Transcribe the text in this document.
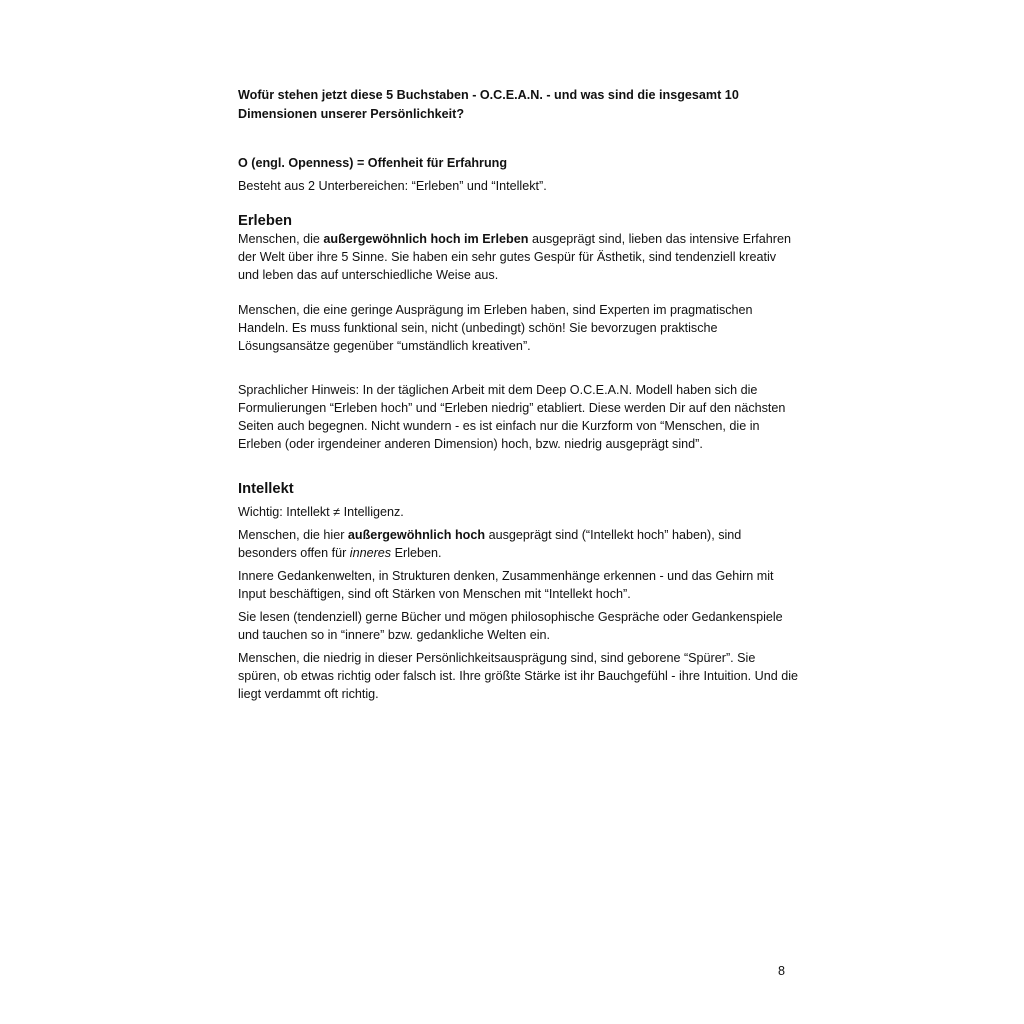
Wofür stehen jetzt diese 5 Buchstaben - O.C.E.A.N. - und was sind die insgesamt 10 Dimensionen unserer Persönlichkeit?
O (engl. Openness) = Offenheit für Erfahrung

Besteht aus 2 Unterbereichen: “Erleben” und “Intellekt”.

Erleben

Menschen, die außergewöhnlich hoch im Erleben ausgeprägt sind, lieben das intensive Erfahren der Welt über ihre 5 Sinne. Sie haben ein sehr gutes Gespür für Ästhetik, sind tendenziell kreativ und leben das auf unterschiedliche Weise aus.

Menschen, die eine geringe Ausprägung im Erleben haben, sind Experten im pragmatischen Handeln. Es muss funktional sein, nicht (unbedingt) schön! Sie bevorzugen praktische Lösungsansätze gegenüber “umständlich kreativen”.

Sprachlicher Hinweis: In der täglichen Arbeit mit dem Deep O.C.E.A.N. Modell haben sich die Formulierungen “Erleben hoch” und “Erleben niedrig” etabliert. Diese werden Dir auf den nächsten Seiten auch begegnen. Nicht wundern - es ist einfach nur die Kurzform von “Menschen, die in Erleben (oder irgendeiner anderen Dimension) hoch, bzw. niedrig ausgeprägt sind”.

Intellekt

Wichtig: Intellekt ≠ Intelligenz.

Menschen, die hier außergewöhnlich hoch ausgeprägt sind (“Intellekt hoch” haben), sind besonders offen für inneres Erleben.

Innere Gedankenwelten, in Strukturen denken, Zusammenhänge erkennen - und das Gehirn mit Input beschäftigen, sind oft Stärken von Menschen mit “Intellekt hoch”.

Sie lesen (tendenziell) gerne Bücher und mögen philosophische Gespräche oder Gedankenspiele und tauchen so in “innere” bzw. gedankliche Welten ein.

Menschen, die niedrig in dieser Persönlichkeitsausprägung sind, sind geborene “Spürer”. Sie spüren, ob etwas richtig oder falsch ist. Ihre größte Stärke ist ihr Bauchgefühl - ihre Intuition. Und die liegt verdammt oft richtig.

8
